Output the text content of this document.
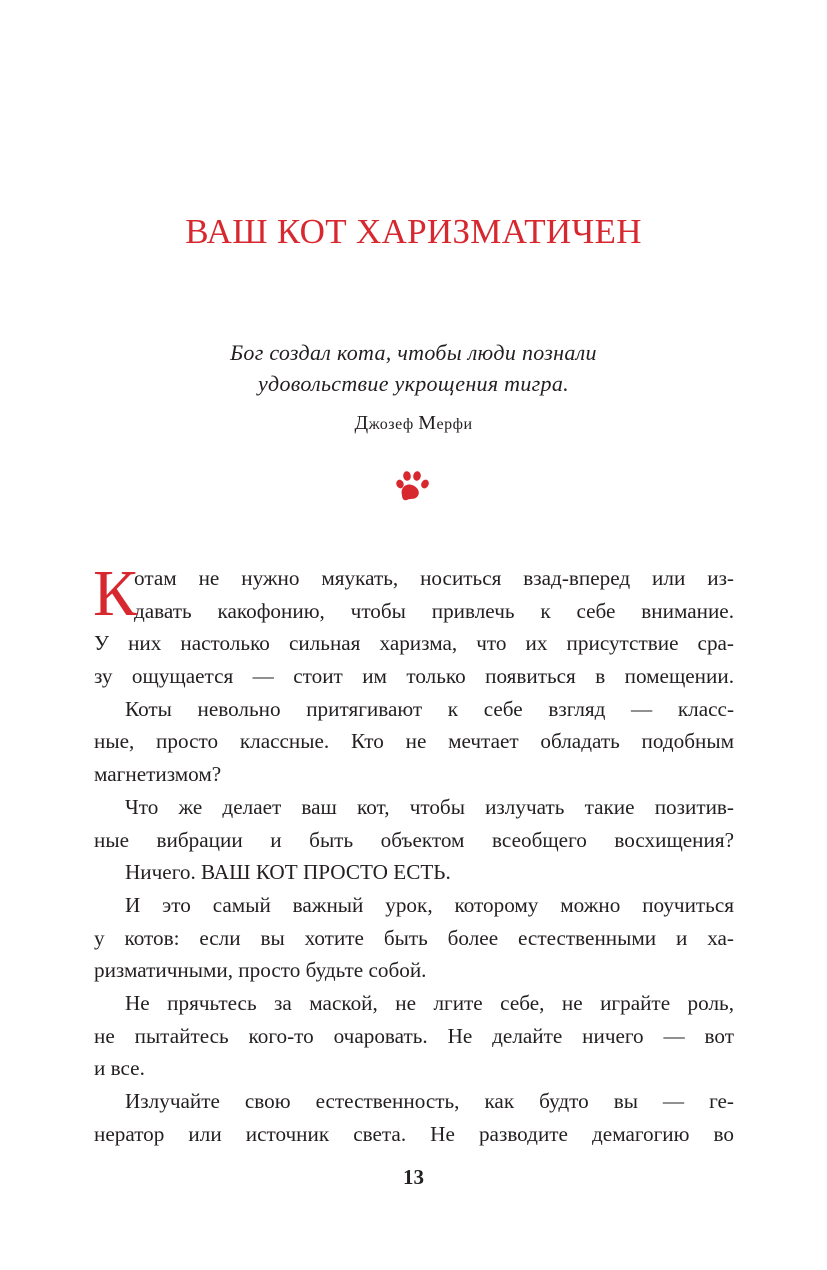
ВАШ КОТ ХАРИЗМАТИЧЕН
Бог создал кота, чтобы люди познали
удовольствие укрощения тигра.
Джозеф Мерфи
К
отам не нужно мяукать, носиться взад-вперед или из-
давать какофонию, чтобы привлечь к себе внимание.
У них настолько сильная харизма, что их присутствие сра-
зу ощущается — стоит им только появиться в помещении.
Коты невольно притягивают к себе взгляд — класс-
ные, просто классные. Кто не мечтает обладать подобным
магнетизмом?
Что же делает ваш кот, чтобы излучать такие позитив-
ные вибрации и быть объектом всеобщего восхищения?
Ничего. ВАШ КОТ ПРОСТО ЕСТЬ.
И это самый важный урок, которому можно поучиться
у котов: если вы хотите быть более естественными и ха-
ризматичными, просто будьте собой.
Не прячьтесь за маской, не лгите себе, не играйте роль,
не пытайтесь кого-то очаровать. Не делайте ничего — вот
и все.
Излучайте свою естественность, как будто вы — ге-
нератор или источник света. Не разводите демагогию во
13
